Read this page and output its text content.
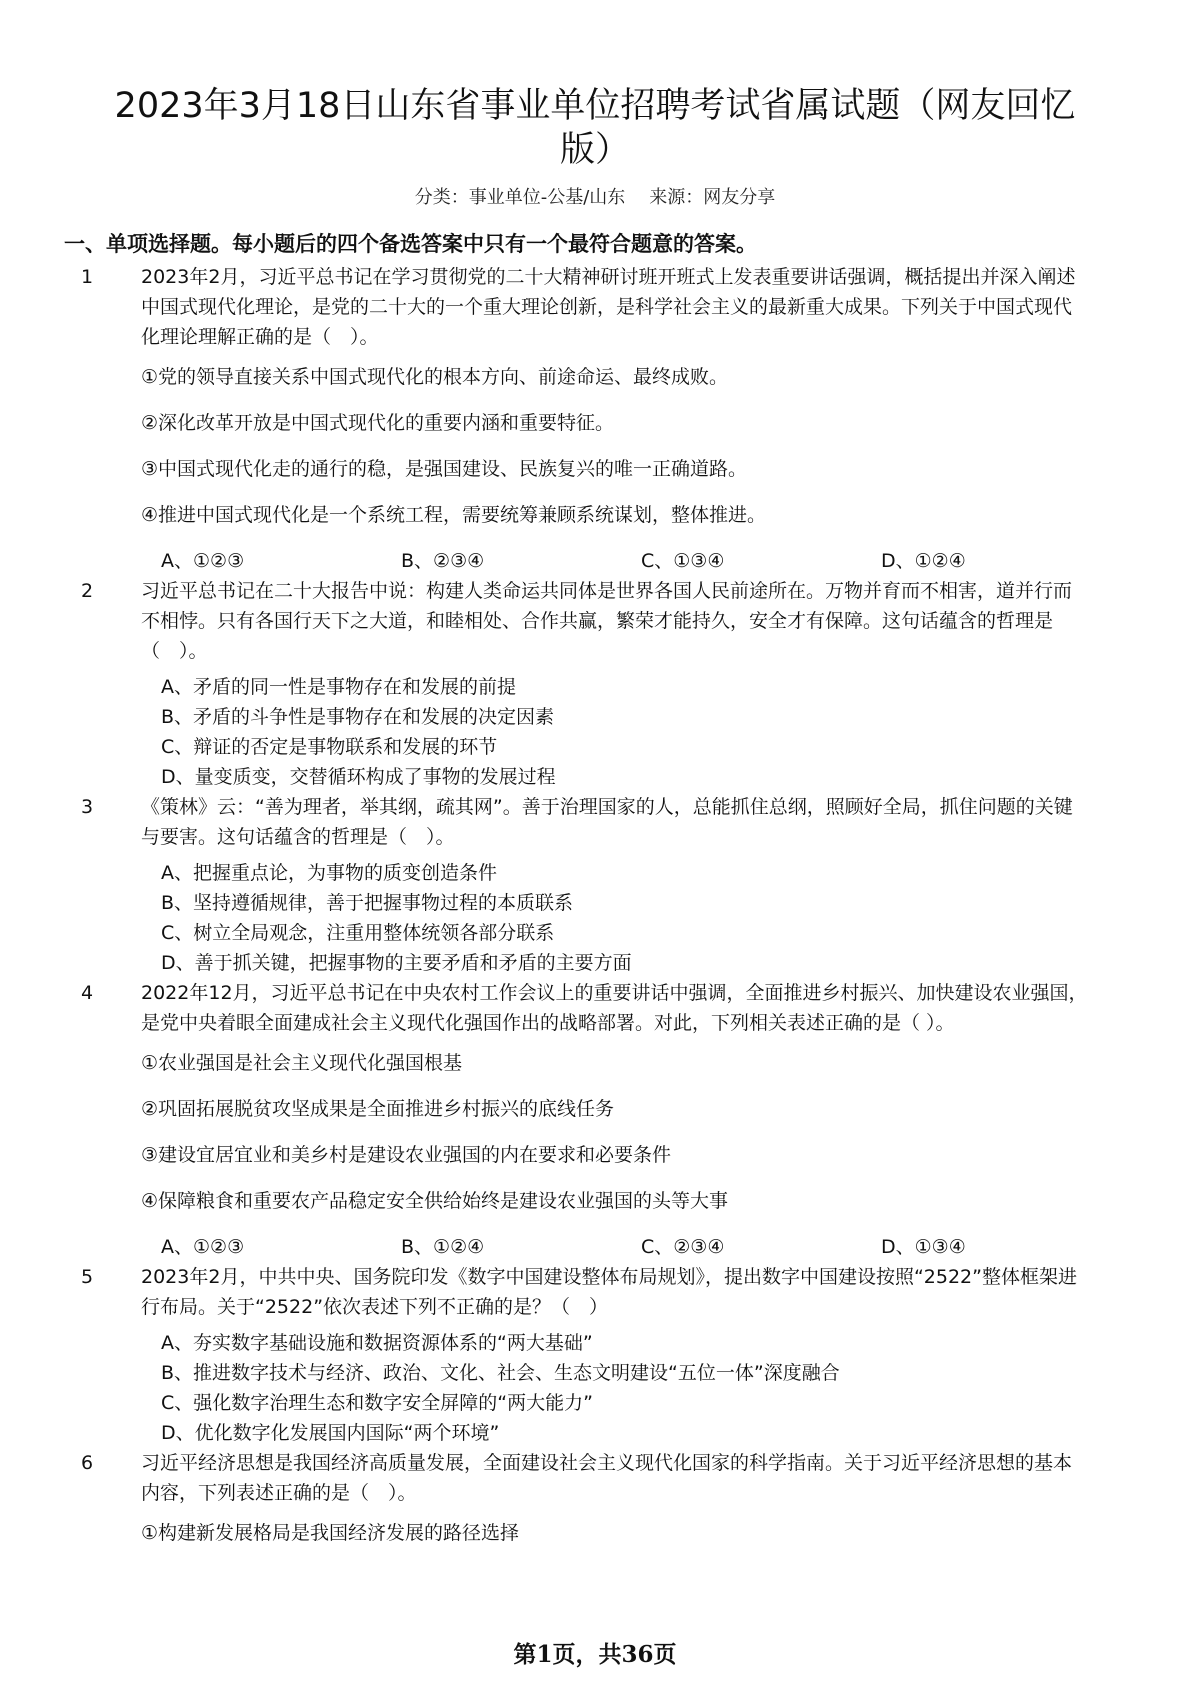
2023年3月18日山东省事业单位招聘考试省属试题（网友回忆版）
分类：事业单位-公基/山东 来源：网友分享
一、单项选择题。每小题后的四个备选答案中只有一个最符合题意的答案。
1	2023年2月，习近平总书记在学习贯彻党的二十大精神研讨班开班式上发表重要讲话强调，概括提出并深入阐述中国式现代化理论，是党的二十大的一个重大理论创新，是科学社会主义的最新重大成果。下列关于中国式现代化理论理解正确的是（　）。

①党的领导直接关系中国式现代化的根本方向、前途命运、最终成败。
②深化改革开放是中国式现代化的重要内涵和重要特征。
③中国式现代化走的通行的稳，是强国建设、民族复兴的唯一正确道路。
④推进中国式现代化是一个系统工程，需要统筹兼顾系统谋划，整体推进。
A、①②③	B、②③④	C、①③④	D、①②④
2	习近平总书记在二十大报告中说：构建人类命运共同体是世界各国人民前途所在。万物并育而不相害，道并行而不相悖。只有各国行天下之大道，和睦相处、合作共赢，繁荣才能持久，安全才有保障。这句话蕴含的哲理是（　）。

A、矛盾的同一性是事物存在和发展的前提
B、矛盾的斗争性是事物存在和发展的决定因素
C、辩证的否定是事物联系和发展的环节
D、量变质变，交替循环构成了事物的发展过程
3	《策林》云：“善为理者，举其纲，疏其网”。善于治理国家的人，总能抓住总纲，照顾好全局，抓住问题的关键与要害。这句话蕴含的哲理是（　）。

A、把握重点论，为事物的质变创造条件
B、坚持遵循规律，善于把握事物过程的本质联系
C、树立全局观念，注重用整体统领各部分联系
D、善于抓关键，把握事物的主要矛盾和矛盾的主要方面
4	2022年12月，习近平总书记在中央农村工作会议上的重要讲话中强调，全面推进乡村振兴、加快建设农业强国，是党中央着眼全面建成社会主义现代化强国作出的战略部署。对此，下列相关表述正确的是（ ）。

①农业强国是社会主义现代化强国根基
②巩固拓展脱贫攻坚成果是全面推进乡村振兴的底线任务
③建设宜居宜业和美乡村是建设农业强国的内在要求和必要条件
④保障粮食和重要农产品稳定安全供给始终是建设农业强国的头等大事
A、①②③	B、①②④	C、②③④	D、①③④
5	2023年2月，中共中央、国务院印发《数字中国建设整体布局规划》，提出数字中国建设按照“2522”整体框架进行布局。关于“2522”依次表述下列不正确的是？（　）

A、夯实数字基础设施和数据资源体系的“两大基础”
B、推进数字技术与经济、政治、文化、社会、生态文明建设“五位一体”深度融合
C、强化数字治理生态和数字安全屏障的“两大能力”
D、优化数字化发展国内国际“两个环境”
6	习近平经济思想是我国经济高质量发展，全面建设社会主义现代化国家的科学指南。关于习近平经济思想的基本内容，下列表述正确的是（　）。

①构建新发展格局是我国经济发展的路径选择
第1页，共36页
